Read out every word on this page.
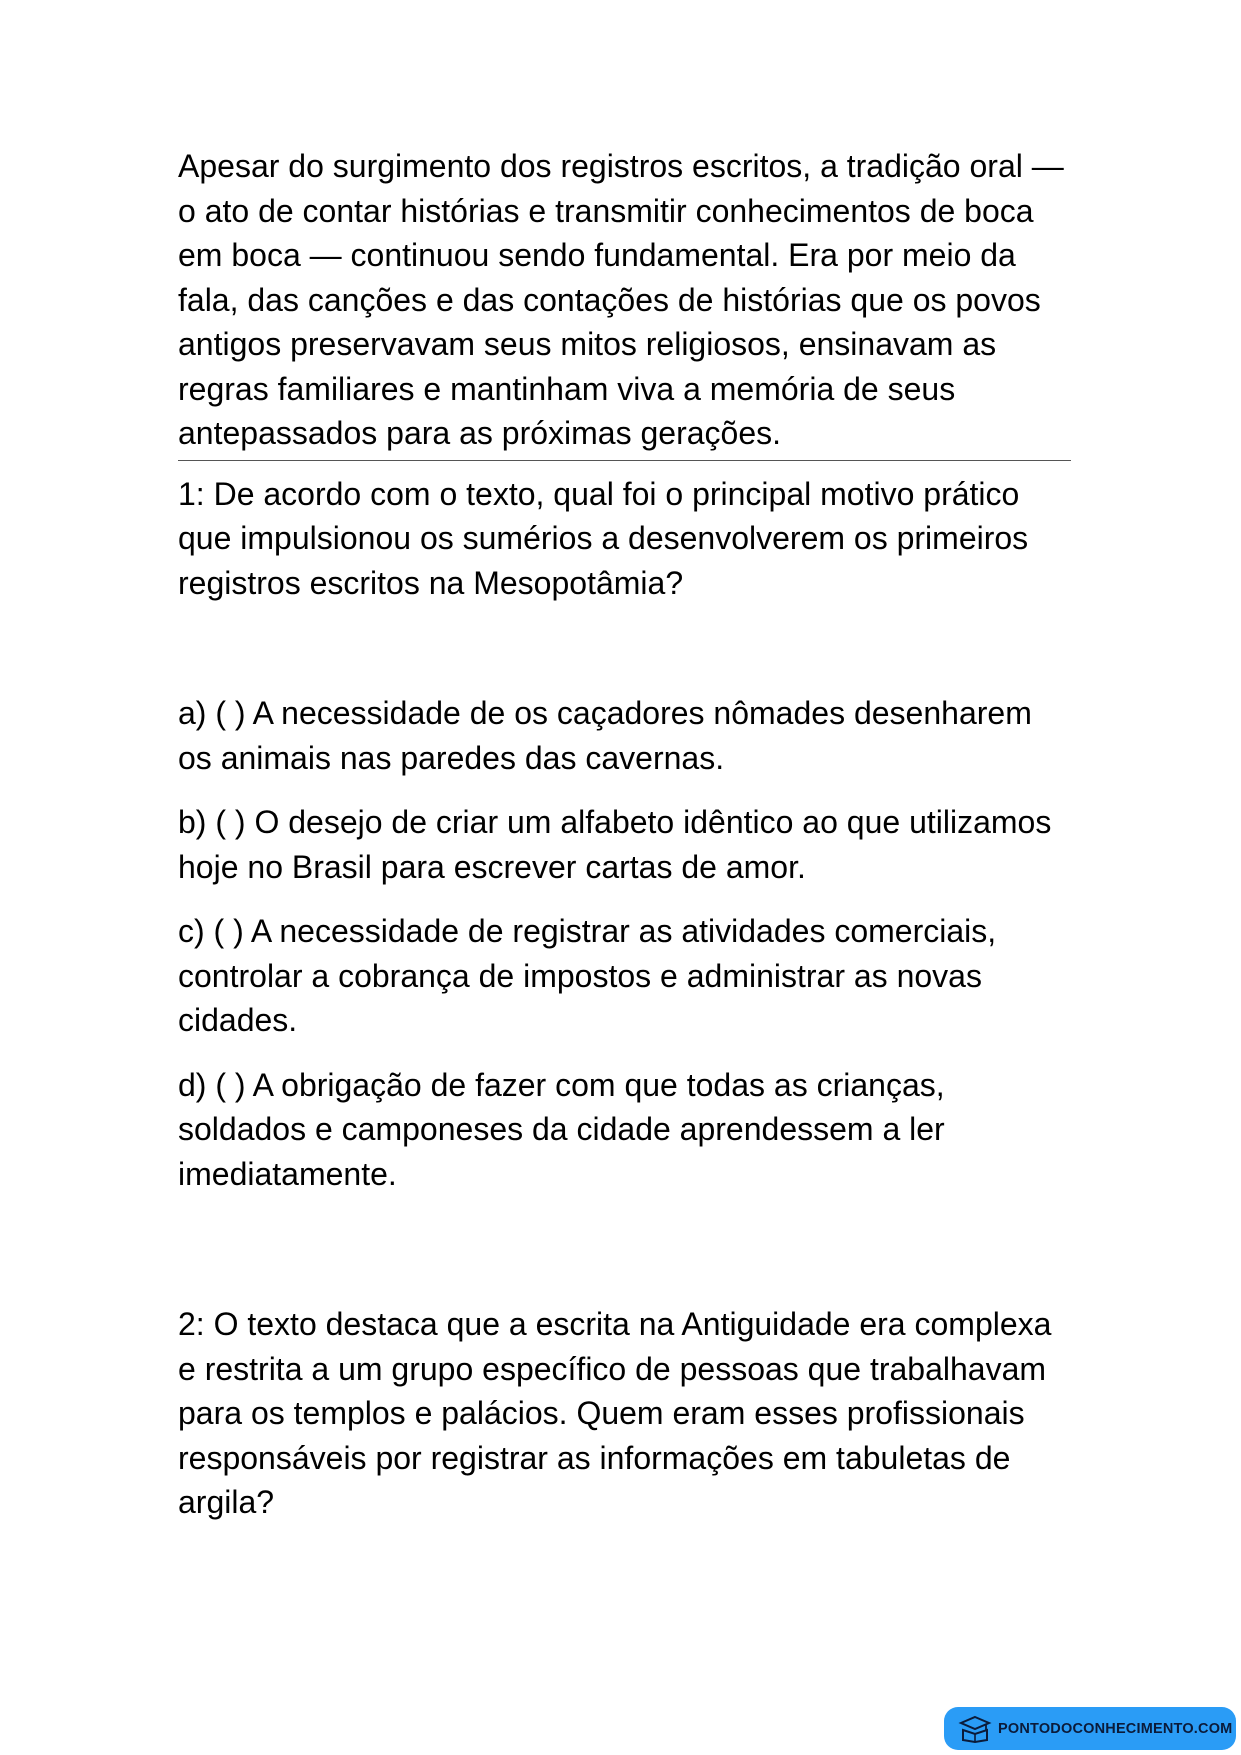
Apesar do surgimento dos registros escritos, a tradição oral — o ato de contar histórias e transmitir conhecimentos de boca em boca — continuou sendo fundamental. Era por meio da fala, das canções e das contações de histórias que os povos antigos preservavam seus mitos religiosos, ensinavam as regras familiares e mantinham viva a memória de seus antepassados para as próximas gerações.

1: De acordo com o texto, qual foi o principal motivo prático que impulsionou os sumérios a desenvolverem os primeiros registros escritos na Mesopotâmia?

a) ( ) A necessidade de os caçadores nômades desenharem os animais nas paredes das cavernas.

b) ( ) O desejo de criar um alfabeto idêntico ao que utilizamos hoje no Brasil para escrever cartas de amor.

c) ( ) A necessidade de registrar as atividades comerciais, controlar a cobrança de impostos e administrar as novas cidades.

d) ( ) A obrigação de fazer com que todas as crianças, soldados e camponeses da cidade aprendessem a ler imediatamente.

2: O texto destaca que a escrita na Antiguidade era complexa e restrita a um grupo específico de pessoas que trabalhavam para os templos e palácios. Quem eram esses profissionais responsáveis por registrar as informações em tabuletas de argila?

PONTODOCONHECIMENTO.COM
